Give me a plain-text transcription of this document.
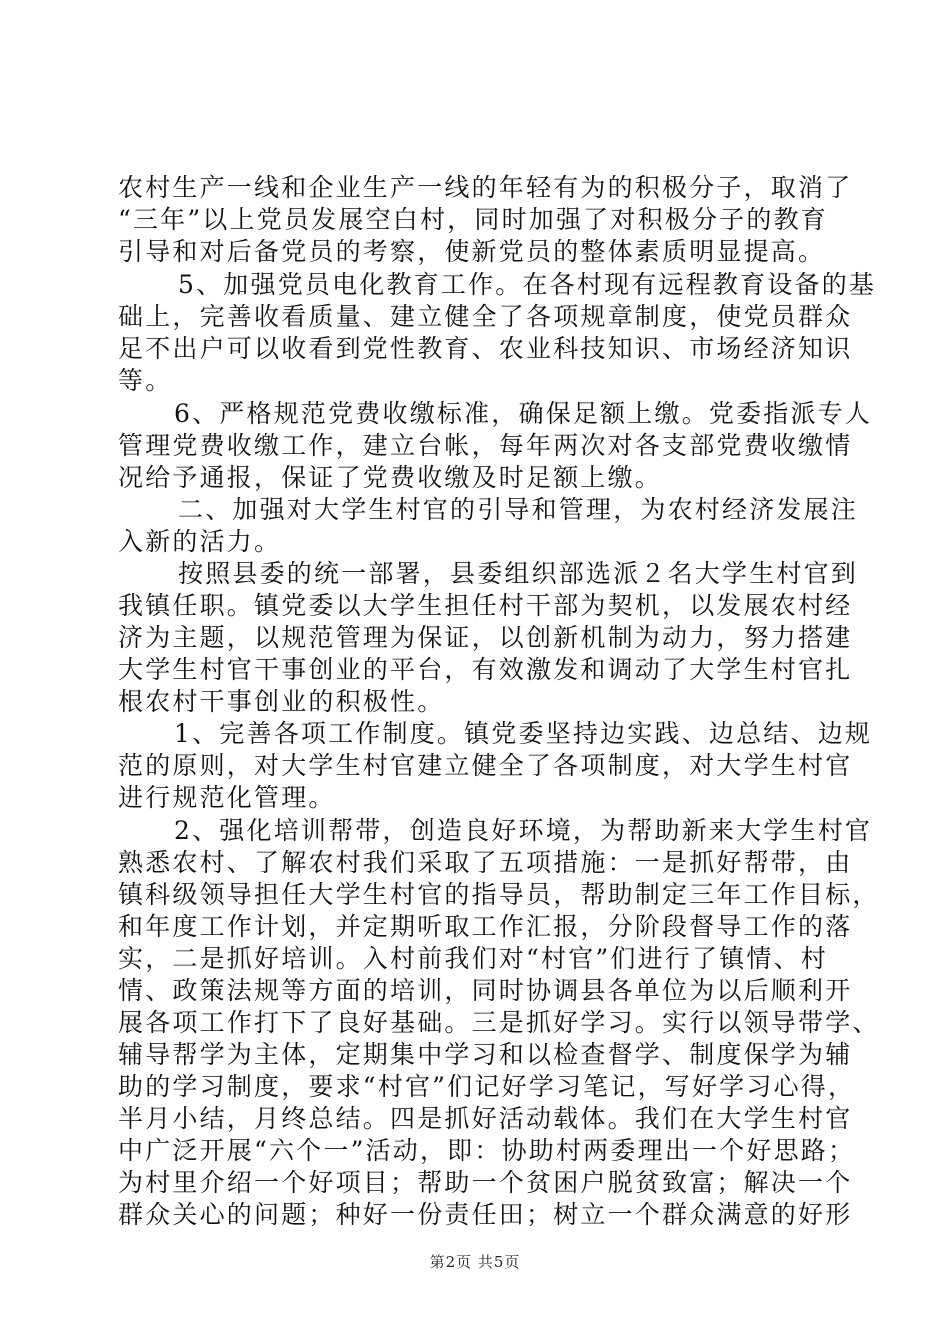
农村生产一线和企业生产一线的年轻有为的积极分子，取消了
“三年”以上党员发展空白村，同时加强了对积极分子的教育
引导和对后备党员的考察，使新党员的整体素质明显提高。
5、加强党员电化教育工作。在各村现有远程教育设备的基
础上，完善收看质量、建立健全了各项规章制度，使党员群众
足不出户可以收看到党性教育、农业科技知识、市场经济知识
等。
6、严格规范党费收缴标准，确保足额上缴。党委指派专人
管理党费收缴工作，建立台帐，每年两次对各支部党费收缴情
况给予通报，保证了党费收缴及时足额上缴。
二、加强对大学生村官的引导和管理，为农村经济发展注
入新的活力。
按照县委的统一部署，县委组织部选派２名大学生村官到
我镇任职。镇党委以大学生担任村干部为契机，以发展农村经
济为主题，以规范管理为保证，以创新机制为动力，努力搭建
大学生村官干事创业的平台，有效激发和调动了大学生村官扎
根农村干事创业的积极性。
1、完善各项工作制度。镇党委坚持边实践、边总结、边规
范的原则，对大学生村官建立健全了各项制度，对大学生村官
进行规范化管理。
2、强化培训帮带，创造良好环境，为帮助新来大学生村官
熟悉农村、了解农村我们采取了五项措施：一是抓好帮带，由
镇科级领导担任大学生村官的指导员，帮助制定三年工作目标，
和年度工作计划，并定期听取工作汇报，分阶段督导工作的落
实，二是抓好培训。入村前我们对“村官”们进行了镇情、村
情、政策法规等方面的培训，同时协调县各单位为以后顺利开
展各项工作打下了良好基础。三是抓好学习。实行以领导带学、
辅导帮学为主体，定期集中学习和以检查督学、制度保学为辅
助的学习制度，要求“村官”们记好学习笔记，写好学习心得，
半月小结，月终总结。四是抓好活动载体。我们在大学生村官
中广泛开展“六个一”活动，即：协助村两委理出一个好思路；
为村里介绍一个好项目；帮助一个贫困户脱贫致富；解决一个
群众关心的问题；种好一份责任田；树立一个群众满意的好形
第2页 共5页
